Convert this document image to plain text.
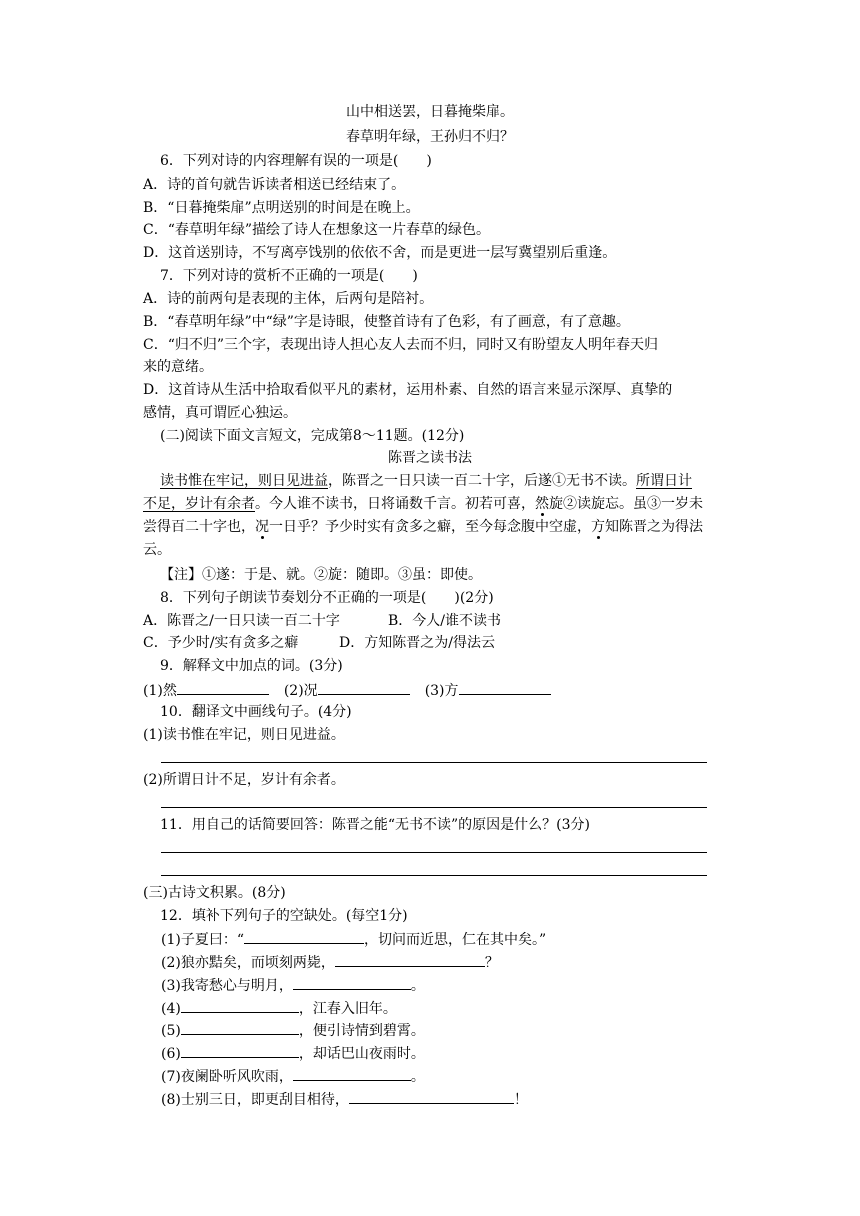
山中相送罢，日暮掩柴扉。

春草明年绿，王孙归不归？

6．下列对诗的内容理解有误的一项是(　　)

A．诗的首句就告诉读者相送已经结束了。

B．“日暮掩柴扉”点明送别的时间是在晚上。

C．“春草明年绿”描绘了诗人在想象这一片春草的绿色。

D．这首送别诗，不写离亭饯别的依依不舍，而是更进一层写冀望别后重逢。

7．下列对诗的赏析不正确的一项是(　　)

A．诗的前两句是表现的主体，后两句是陪衬。

B．“春草明年绿”中“绿”字是诗眼，使整首诗有了色彩，有了画意，有了意趣。

C．“归不归”三个字，表现出诗人担心友人去而不归，同时又有盼望友人明年春天归

来的意绪。

D．这首诗从生活中拾取看似平凡的素材，运用朴素、自然的语言来显示深厚、真挚的

感情，真可谓匠心独运。

(二)阅读下面文言短文，完成第8～11题。(12分)

陈晋之读书法

读书惟在牢记，则日见进益，陈晋之一日只读一百二十字，后遂①无书不读。所谓日计

不足，岁计有余者。今人谁不读书，日将诵数千言。初若可喜，然旋②读旋忘。虽③一岁未

尝得百二十字也，况一日乎？予少时实有贪多之癖，至今每念腹中空虚，方知陈晋之为得法

云。

【注】①遂：于是、就。②旋：随即。③虽：即使。

8．下列句子朗读节奏划分不正确的一项是(　　)(2分)

A．陈晋之/一日只读一百二十字	B．今人/谁不读书

C．予少时/实有贪多之癖	D．方知陈晋之为/得法云

9．解释文中加点的词。(3分)

(1)然	(2)况	(3)方

10．翻译文中画线句子。(4分)

(1)读书惟在牢记，则日见进益。

(2)所谓日计不足，岁计有余者。

11．用自己的话简要回答：陈晋之能“无书不读”的原因是什么？(3分)

(三)古诗文积累。(8分)

12．填补下列句子的空缺处。(每空1分)

(1)子夏曰：“	，切问而近思，仁在其中矣。”

(2)狼亦黠矣，而顷刻两毙，	？

(3)我寄愁心与明月，	。

(4)	，江春入旧年。

(5)	，便引诗情到碧霄。

(6)	，却话巴山夜雨时。

(7)夜阑卧听风吹雨，	。

(8)士别三日，即更刮目相待，	！
